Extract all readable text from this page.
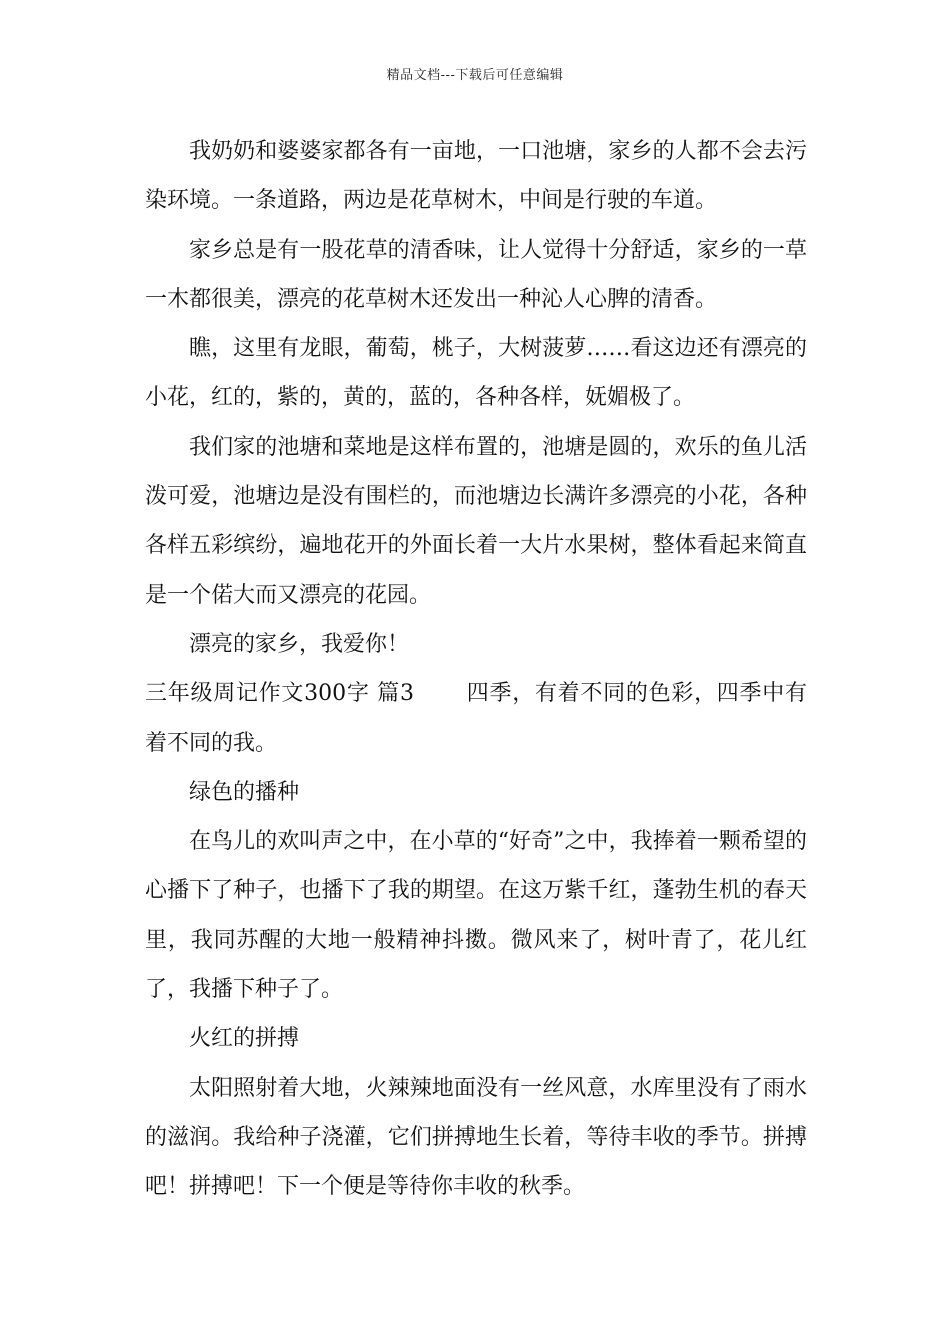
精品文档---下载后可任意编辑

我奶奶和婆婆家都各有一亩地，一口池塘，家乡的人都不会去污染环境。一条道路，两边是花草树木，中间是行驶的车道。

家乡总是有一股花草的清香味，让人觉得十分舒适，家乡的一草一木都很美，漂亮的花草树木还发出一种沁人心脾的清香。

瞧，这里有龙眼，葡萄，桃子，大树菠萝……看这边还有漂亮的小花，红的，紫的，黄的，蓝的，各种各样，妩媚极了。

我们家的池塘和菜地是这样布置的，池塘是圆的，欢乐的鱼儿活泼可爱，池塘边是没有围栏的，而池塘边长满许多漂亮的小花，各种各样五彩缤纷，遍地花开的外面长着一大片水果树，整体看起来简直是一个偌大而又漂亮的花园。

漂亮的家乡，我爱你！

三年级周记作文300字 篇3 四季，有着不同的色彩，四季中有着不同的我。

绿色的播种

在鸟儿的欢叫声之中，在小草的“好奇”之中，我捧着一颗希望的心播下了种子，也播下了我的期望。在这万紫千红，蓬勃生机的春天里，我同苏醒的大地一般精神抖擞。微风来了，树叶青了，花儿红了，我播下种子了。

火红的拼搏

太阳照射着大地，火辣辣地面没有一丝风意，水库里没有了雨水的滋润。我给种子浇灌，它们拼搏地生长着，等待丰收的季节。拼搏吧！拼搏吧！下一个便是等待你丰收的秋季。
